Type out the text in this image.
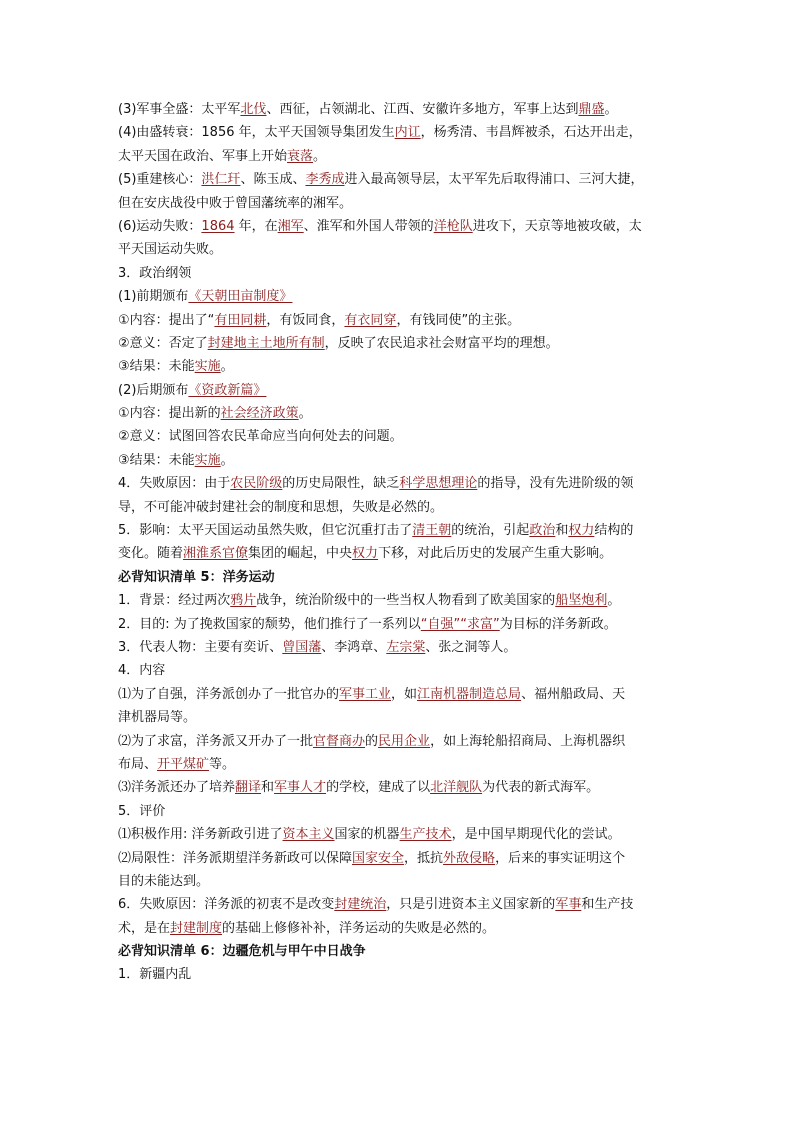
(3)军事全盛：太平军北伐、西征，占领湖北、江西、安徽许多地方，军事上达到鼎盛。
(4)由盛转衰：1856 年，太平天国领导集团发生内讧，杨秀清、韦昌辉被杀，石达开出走，
太平天国在政治、军事上开始衰落。
(5)重建核心：洪仁玕、陈玉成、李秀成进入最高领导层，太平军先后取得浦口、三河大捷，
但在安庆战役中败于曾国藩统率的湘军。
(6)运动失败：1864 年，在湘军、淮军和外国人带领的洋枪队进攻下，天京等地被攻破，太
平天国运动失败。
3．政治纲领
(1)前期颁布《天朝田亩制度》
①内容：提出了“有田同耕，有饭同食，有衣同穿，有钱同使”的主张。
②意义：否定了封建地主土地所有制，反映了农民追求社会财富平均的理想。
③结果：未能实施。
(2)后期颁布《资政新篇》
①内容：提出新的社会经济政策。
②意义：试图回答农民革命应当向何处去的问题。
③结果：未能实施。
4．失败原因：由于农民阶级的历史局限性，缺乏科学思想理论的指导，没有先进阶级的领
导，不可能冲破封建社会的制度和思想，失败是必然的。
5．影响：太平天国运动虽然失败，但它沉重打击了清王朝的统治，引起政治和权力结构的
变化。随着湘淮系官僚集团的崛起，中央权力下移，对此后历史的发展产生重大影响。
必背知识清单 5：洋务运动
1．背景：经过两次鸦片战争，统治阶级中的一些当权人物看到了欧美国家的船坚炮利。
2．目的: 为了挽救国家的颓势，他们推行了一系列以“自强”“求富”为目标的洋务新政。
3．代表人物：主要有奕䜣、曾国藩、李鸿章、左宗棠、张之洞等人。
4．内容
⑴为了自强，洋务派创办了一批官办的军事工业，如江南机器制造总局、福州船政局、天
津机器局等。
⑵为了求富，洋务派又开办了一批官督商办的民用企业，如上海轮船招商局、上海机器织
布局、开平煤矿等。
⑶洋务派还办了培养翻译和军事人才的学校，建成了以北洋舰队为代表的新式海军。
5．评价
⑴积极作用: 洋务新政引进了资本主义国家的机器生产技术，是中国早期现代化的尝试。
⑵局限性：洋务派期望洋务新政可以保障国家安全，抵抗外敌侵略，后来的事实证明这个
目的未能达到。
6．失败原因：洋务派的初衷不是改变封建统治，只是引进资本主义国家新的军事和生产技
术，是在封建制度的基础上修修补补，洋务运动的失败是必然的。
必背知识清单 6：边疆危机与甲午中日战争
1．新疆内乱
